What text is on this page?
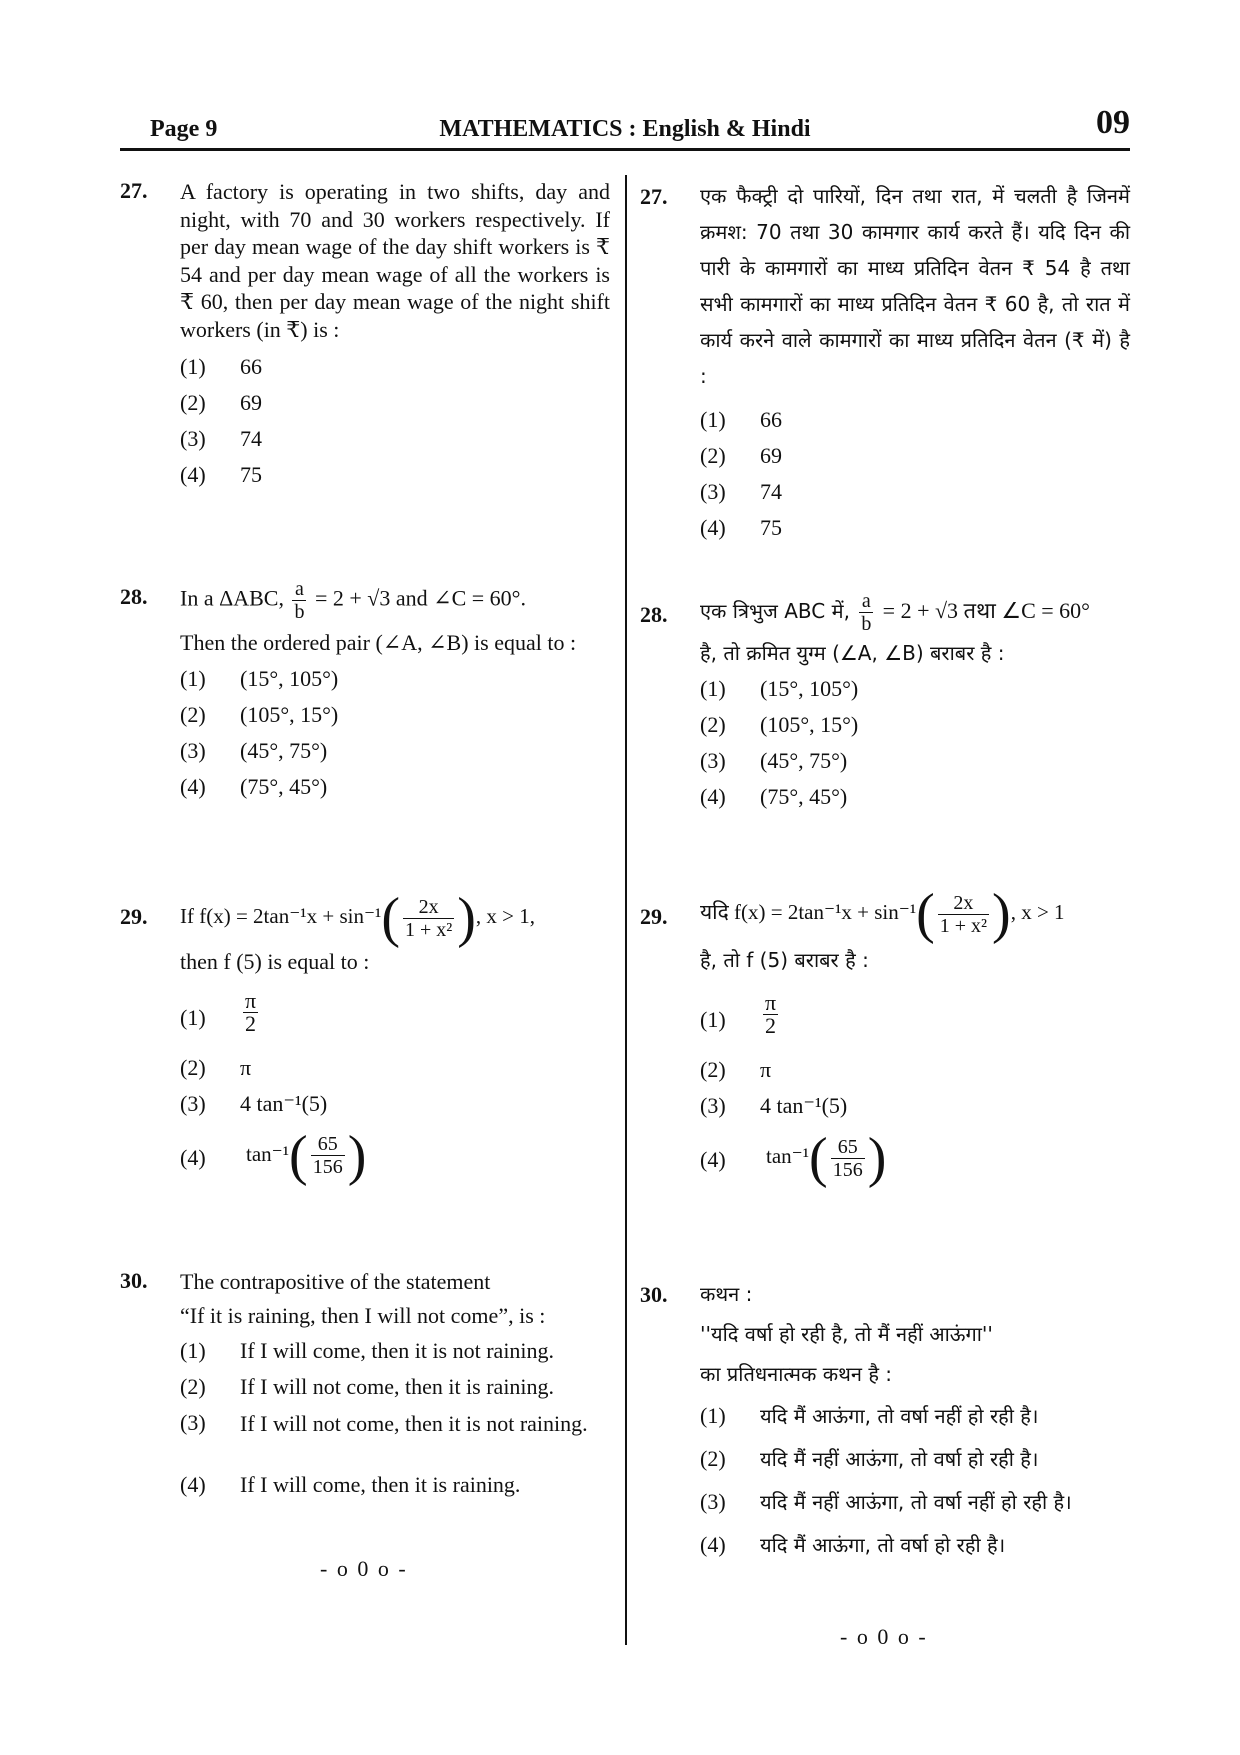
Page 9	MATHEMATICS : English & Hindi	09
27. A factory is operating in two shifts, day and night, with 70 and 30 workers respectively. If per day mean wage of the day shift workers is ₹ 54 and per day mean wage of all the workers is ₹ 60, then per day mean wage of the night shift workers (in ₹) is :
(1) 66
(2) 69
(3) 74
(4) 75
28. In a ΔABC, $\frac{a}{b} = 2 + √3$ and ∠C = 60°.
Then the ordered pair (∠A, ∠B) is equal to :
(1) (15°, 105°)
(2) (105°, 15°)
(3) (45°, 75°)
(4) (75°, 45°)
29. If $f(x) = 2\tan^{-1}x + \sin^{-1}( \frac{2x}{\text{1 + x²}}$ ), x > 1,
then f (5) is equal to :
$(1) \frac{\pi}{2}$
(2) π
(3) 4 tan⁻¹(5)
(4) $\tan^{-1}( \frac{65}{156}$ )
30. The contrapositive of the statement
“If it is raining, then I will not come”, is :
(1) If I will come, then it is not raining.
(2) If I will not come, then it is raining.
(3) If I will not come, then it is not raining.
(4) If I will come, then it is raining.
- o 0 o -
27. एक फैक्ट्री दो पारियों, दिन तथा रात, में चलती है जिनमें क्रमश: 70 तथा 30 कामगार कार्य करते हैं। यदि दिन की पारी के कामगारों का माध्य प्रतिदिन वेतन ₹ 54 है तथा सभी कामगारों का माध्य प्रतिदिन वेतन ₹ 60 है, तो रात में कार्य करने वाले कामगारों का माध्य प्रतिदिन वेतन (₹ में) है :
(1) 66
(2) 69
(3) 74
(4) 75
28. एक त्रिभुज ABC में, $\frac{a}{b} = 2 + √3$ तथा ∠C = 60°
है, तो क्रमित युग्म (∠A, ∠B) बराबर है :
(1) (15°, 105°)
(2) (105°, 15°)
(3) (45°, 75°)
(4) (75°, 45°)
29. यदि $f(x) = 2\tan^{-1}x + \sin^{-1}( \frac{2x}{\text{1 + x²}}$ ), x > 1
है, तो f (5) बराबर है :
$(1) \frac{\pi}{2}$
(2) π
(3) 4 tan⁻¹(5)
(4) $\tan^{-1}( \frac{65}{156}$ )
30. कथन :
''यदि वर्षा हो रही है, तो मैं नहीं आऊंगा''
का प्रतिधनात्मक कथन है :
(1) यदि मैं आऊंगा, तो वर्षा नहीं हो रही है।
(2) यदि मैं नहीं आऊंगा, तो वर्षा हो रही है।
(3) यदि मैं नहीं आऊंगा, तो वर्षा नहीं हो रही है।
(4) यदि मैं आऊंगा, तो वर्षा हो रही है।
- o 0 o -
